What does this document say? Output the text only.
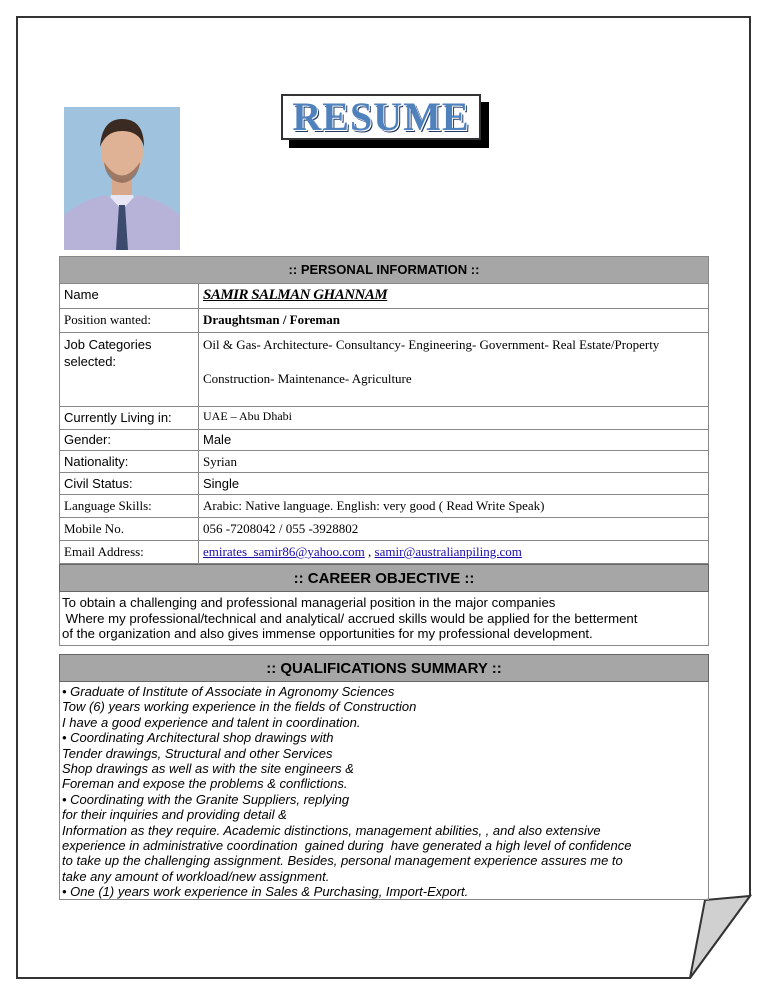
RESUME
:: PERSONAL INFORMATION ::	
Name	SAMIR SALMAN GHANNAM
Position wanted:	Draughtsman / Foreman
Job Categories selected:	Oil & Gas- Architecture- Consultancy- Engineering- Government- Real Estate/Property
Construction- Maintenance- Agriculture

Currently Living in:	UAE – Abu Dhabi
Gender:	Male
Nationality:	Syrian
Civil Status:	Single
Language Skills:	Arabic: Native language. English: very good ( Read Write Speak)
Mobile No.	056 -7208042 / 055 -3928802
Email Address:	emirates_samir86@yahoo.com , samir@australianpiling.com
:: CAREER OBJECTIVE ::

To obtain a challenging and professional managerial position in the major companies

Where my professional/technical and analytical/ accrued skills would be applied for the betterment

of the organization and also gives immense opportunities for my professional development.

:: QUALIFICATIONS SUMMARY ::

• Graduate of Institute of Associate in Agronomy Sciences

Tow (6) years working experience in the fields of Construction

I have a good experience and talent in coordination.

• Coordinating Architectural shop drawings with

Tender drawings, Structural and other Services

Shop drawings as well as with the site engineers &

Foreman and expose the problems & conflictions.

• Coordinating with the Granite Suppliers, replying

for their inquiries and providing detail &

Information as they require. Academic distinctions, management abilities, , and also extensive

experience in administrative coordination  gained during  have generated a high level of confidence

to take up the challenging assignment. Besides, personal management experience assures me to

take any amount of workload/new assignment.

• One (1) years work experience in Sales & Purchasing, Import-Export.
